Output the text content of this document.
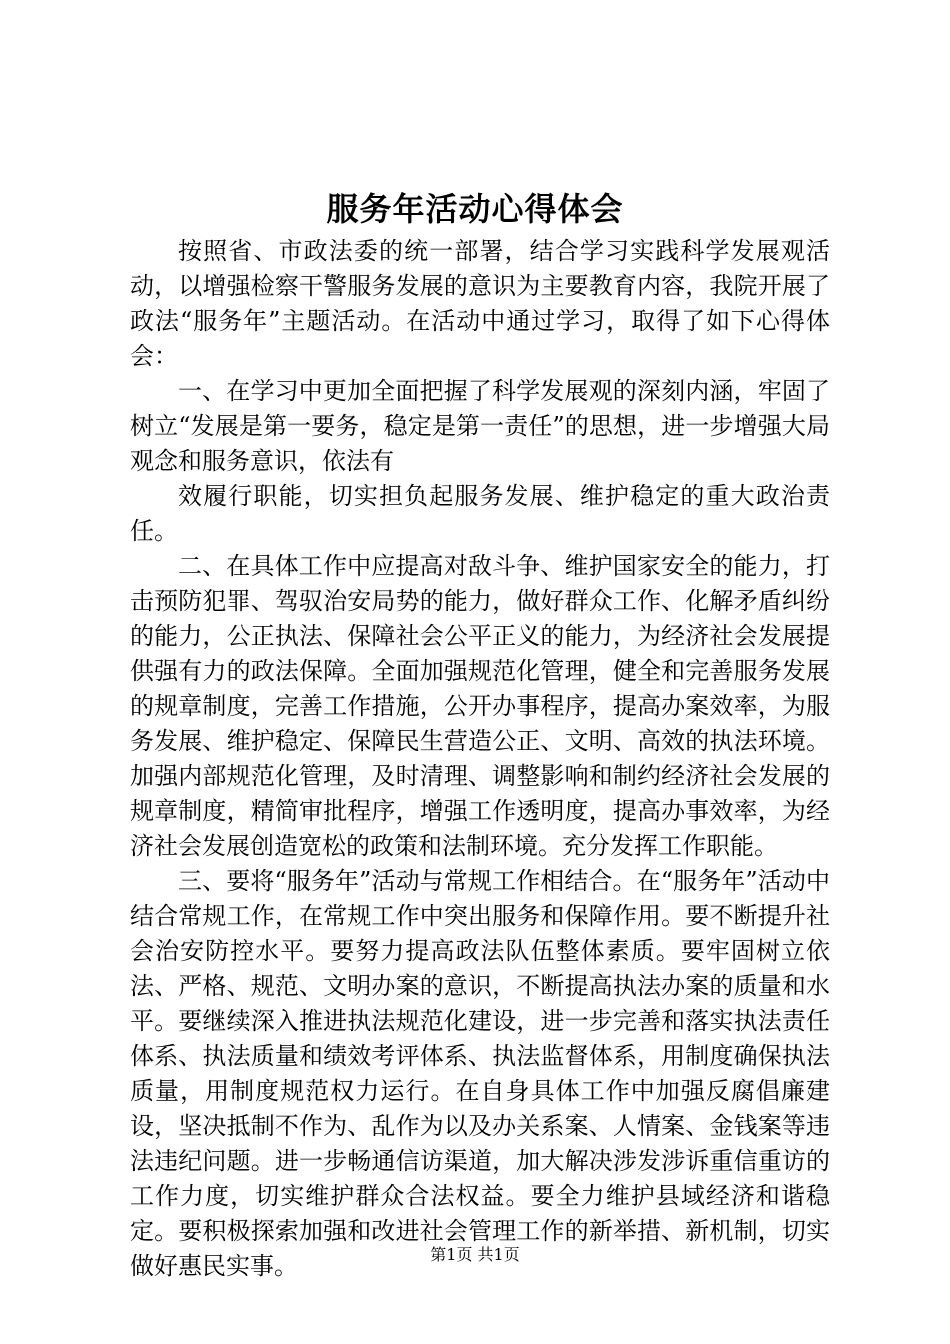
服务年活动心得体会

按照省、市政法委的统一部署，结合学习实践科学发展观活动，以增强检察干警服务发展的意识为主要教育内容，我院开展了政法“服务年”主题活动。在活动中通过学习，取得了如下心得体会：

一、在学习中更加全面把握了科学发展观的深刻内涵，牢固了树立“发展是第一要务，稳定是第一责任”的思想，进一步增强大局观念和服务意识，依法有

效履行职能，切实担负起服务发展、维护稳定的重大政治责任。

二、在具体工作中应提高对敌斗争、维护国家安全的能力，打击预防犯罪、驾驭治安局势的能力，做好群众工作、化解矛盾纠纷的能力，公正执法、保障社会公平正义的能力，为经济社会发展提供强有力的政法保障。全面加强规范化管理，健全和完善服务发展的规章制度，完善工作措施，公开办事程序，提高办案效率，为服务发展、维护稳定、保障民生营造公正、文明、高效的执法环境。加强内部规范化管理，及时清理、调整影响和制约经济社会发展的规章制度，精简审批程序，增强工作透明度，提高办事效率，为经济社会发展创造宽松的政策和法制环境。充分发挥工作职能。

三、要将“服务年”活动与常规工作相结合。在“服务年”活动中结合常规工作，在常规工作中突出服务和保障作用。要不断提升社会治安防控水平。要努力提高政法队伍整体素质。要牢固树立依法、严格、规范、文明办案的意识，不断提高执法办案的质量和水平。要继续深入推进执法规范化建设，进一步完善和落实执法责任体系、执法质量和绩效考评体系、执法监督体系，用制度确保执法质量，用制度规范权力运行。在自身具体工作中加强反腐倡廉建设，坚决抵制不作为、乱作为以及办关系案、人情案、金钱案等违法违纪问题。进一步畅通信访渠道，加大解决涉发涉诉重信重访的工作力度，切实维护群众合法权益。要全力维护县域经济和谐稳定。要积极探索加强和改进社会管理工作的新举措、新机制，切实做好惠民实事。	第1页 共1页
